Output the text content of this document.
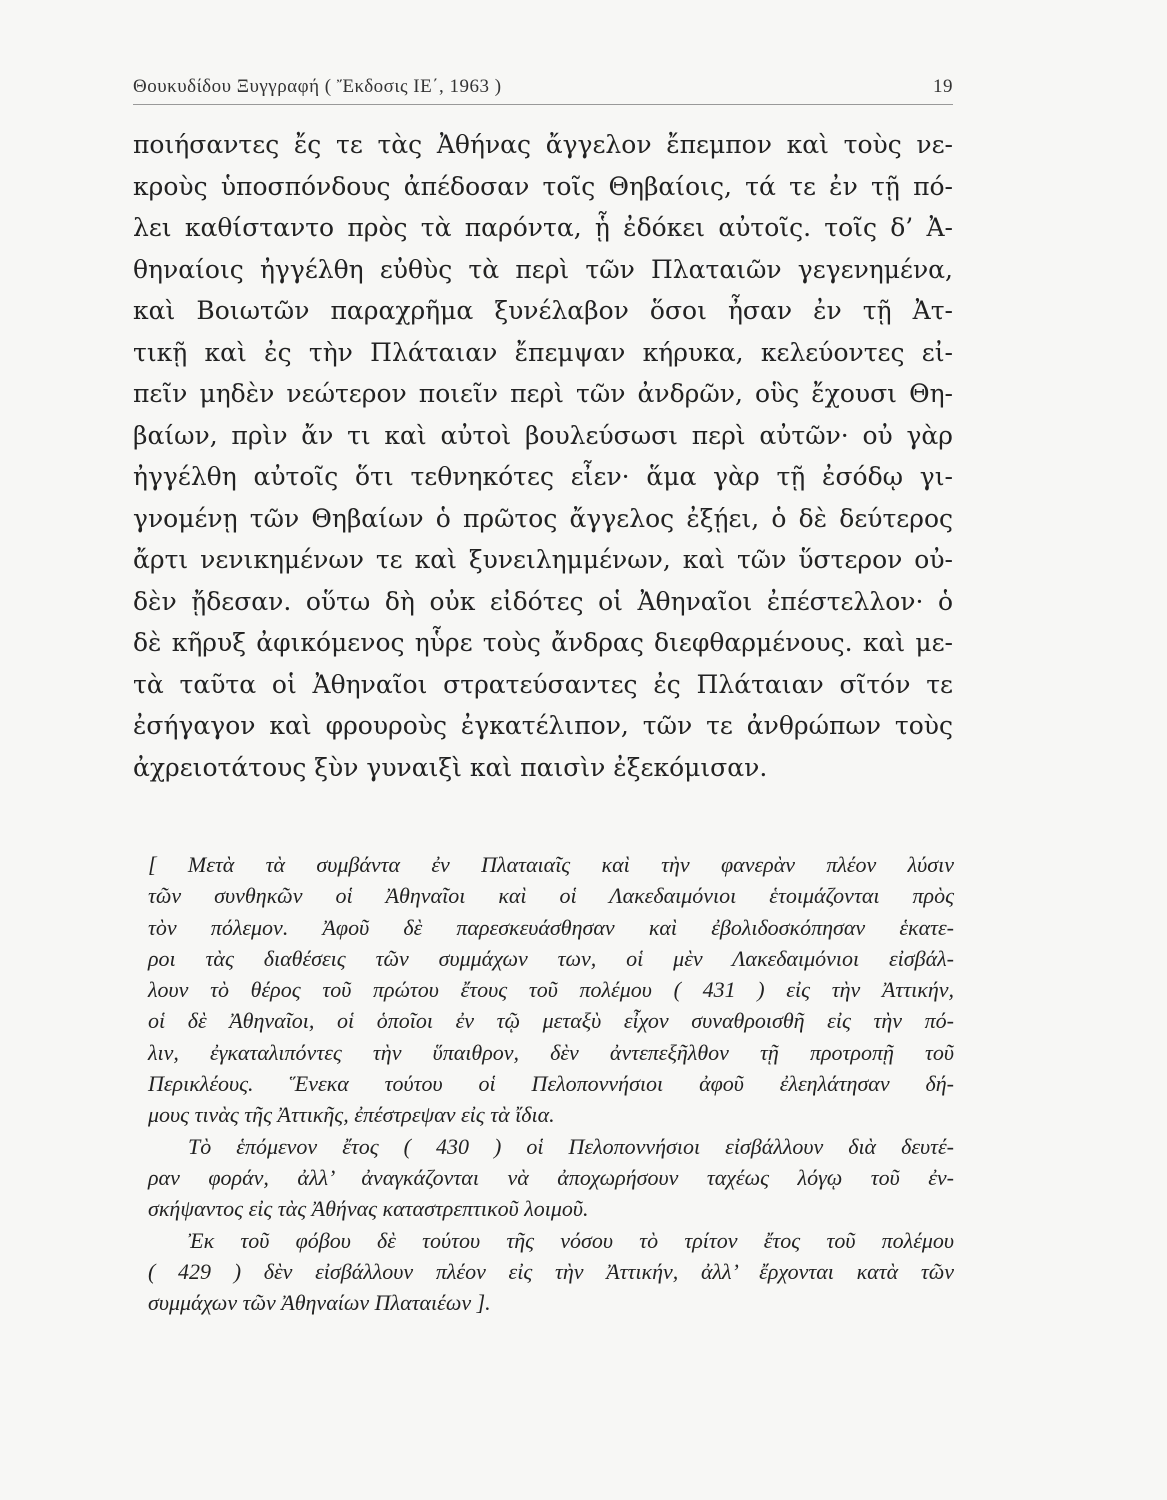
Θουκυδίδου Ξυγγραφή ( Ἔκδοσις ΙΕ΄, 1963 )	19
ποιήσαντες ἔς τε τὰς Ἀθήνας ἄγγελον ἔπεμπον καὶ τοὺς νε-
κροὺς ὑποσπόνδους ἀπέδοσαν τοῖς Θηβαίοις, τά τε ἐν τῇ πό-
λει καθίσταντο πρὸς τὰ παρόντα, ᾗ ἐδόκει αὐτοῖς. τοῖς δ’ Ἀ-
θηναίοις ἠγγέλθη εὐθὺς τὰ περὶ τῶν Πλαταιῶν γεγενημένα,
καὶ Βοιωτῶν παραχρῆμα ξυνέλαβον ὅσοι ἦσαν ἐν τῇ Ἀτ-
τικῇ καὶ ἐς τὴν Πλάταιαν ἔπεμψαν κήρυκα, κελεύοντες εἰ-
πεῖν μηδὲν νεώτερον ποιεῖν περὶ τῶν ἀνδρῶν, οὓς ἔχουσι Θη-
βαίων, πρὶν ἄν τι καὶ αὐτοὶ βουλεύσωσι περὶ αὐτῶν· οὐ γὰρ
ἠγγέλθη αὐτοῖς ὅτι τεθνηκότες εἶεν· ἅμα γὰρ τῇ ἐσόδῳ γι-
γνομένῃ τῶν Θηβαίων ὁ πρῶτος ἄγγελος ἐξῄει, ὁ δὲ δεύτερος
ἄρτι νενικημένων τε καὶ ξυνειλημμένων, καὶ τῶν ὕστερον οὐ-
δὲν ᾔδεσαν. οὕτω δὴ οὐκ εἰδότες οἱ Ἀθηναῖοι ἐπέστελλον· ὁ
δὲ κῆρυξ ἀφικόμενος ηὗρε τοὺς ἄνδρας διεφθαρμένους. καὶ με-
τὰ ταῦτα οἱ Ἀθηναῖοι στρατεύσαντες ἐς Πλάταιαν σῖτόν τε
ἐσήγαγον καὶ φρουροὺς ἐγκατέλιπον, τῶν τε ἀνθρώπων τοὺς
ἀχρειοτάτους ξὺν γυναιξὶ καὶ παισὶν ἐξεκόμισαν.
[ Μετὰ τὰ συμβάντα ἐν Πλαταιαῖς καὶ τὴν φανερὰν πλέον λύσιν
τῶν συνθηκῶν οἱ Ἀθηναῖοι καὶ οἱ Λακεδαιμόνιοι ἑτοιμάζονται πρὸς
τὸν πόλεμον. Ἀφοῦ δὲ παρεσκευάσθησαν καὶ ἐβολιδοσκόπησαν ἑκατε-
ροι τὰς διαθέσεις τῶν συμμάχων των, οἱ μὲν Λακεδαιμόνιοι εἰσβάλ-
λουν τὸ θέρος τοῦ πρώτου ἔτους τοῦ πολέμου ( 431 ) εἰς τὴν Ἀττικήν,
οἱ δὲ Ἀθηναῖοι, οἱ ὁποῖοι ἐν τῷ μεταξὺ εἶχον συναθροισθῆ εἰς τὴν πό-
λιν, ἐγκαταλιπόντες τὴν ὕπαιθρον, δὲν ἀντεπεξῆλθον τῇ προτροπῇ τοῦ
Περικλέους. Ἕνεκα τούτου οἱ Πελοποννήσιοι ἀφοῦ ἐλεηλάτησαν δή-
μους τινὰς τῆς Ἀττικῆς, ἐπέστρεψαν εἰς τὰ ἴδια.
Τὸ ἑπόμενον ἔτος ( 430 ) οἱ Πελοποννήσιοι εἰσβάλλουν διὰ δευτέ-
ραν φοράν, ἀλλ’ ἀναγκάζονται νὰ ἀποχωρήσουν ταχέως λόγῳ τοῦ ἐν-
σκήψαντος εἰς τὰς Ἀθήνας καταστρεπτικοῦ λοιμοῦ.
Ἐκ τοῦ φόβου δὲ τούτου τῆς νόσου τὸ τρίτον ἔτος τοῦ πολέμου
( 429 ) δὲν εἰσβάλλουν πλέον εἰς τὴν Ἀττικήν, ἀλλ’ ἔρχονται κατὰ τῶν
συμμάχων τῶν Ἀθηναίων Πλαταιέων ].
